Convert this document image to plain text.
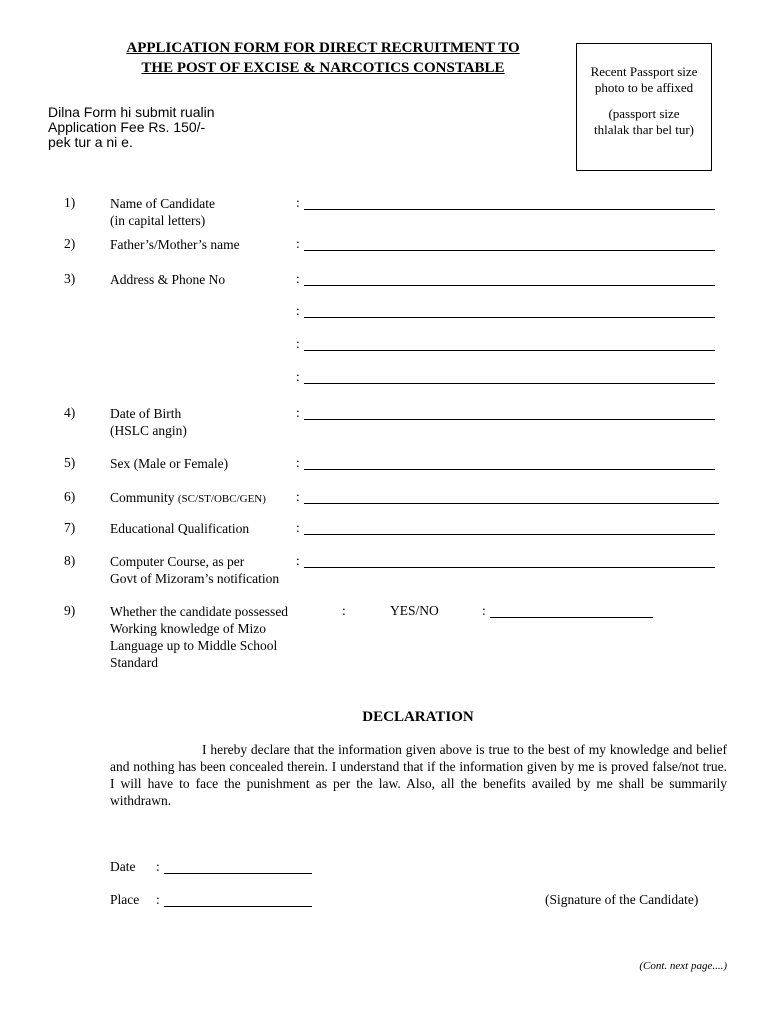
APPLICATION FORM FOR DIRECT RECRUITMENT TO
THE POST OF EXCISE & NARCOTICS CONSTABLE	Recent Passport size
photo to be affixed
(passport size
thlalak thar bel tur)
Dilna Form hi submit rualin
Application Fee Rs. 150/-
pek tur a ni e.
1)	Name of Candidate
(in capital letters)
:
2)	Father’s/Mother’s name	:
3)	Address & Phone No	:
:
:
:
4)	Date of Birth
(HSLC angin)
:
5)	Sex (Male or Female)	:
6)	Community (SC/ST/OBC/GEN) :
7)	Educational Qualification	:
8)	Computer Course, as per
Govt of Mizoram’s notification
:
9)	Whether the candidate possessed
Working knowledge of Mizo
Language up to Middle School
Standard
:	YES/NO	:
DECLARATION
I hereby declare that the information given above is true to the best of my knowledge and belief and nothing has been concealed therein. I understand that if the information given by me is proved false/not true. I will have to face the punishment as per the law. Also, all the benefits availed by me shall be summarily withdrawn.
Date :
Place :	(Signature of the Candidate)
(Cont. next page....)
